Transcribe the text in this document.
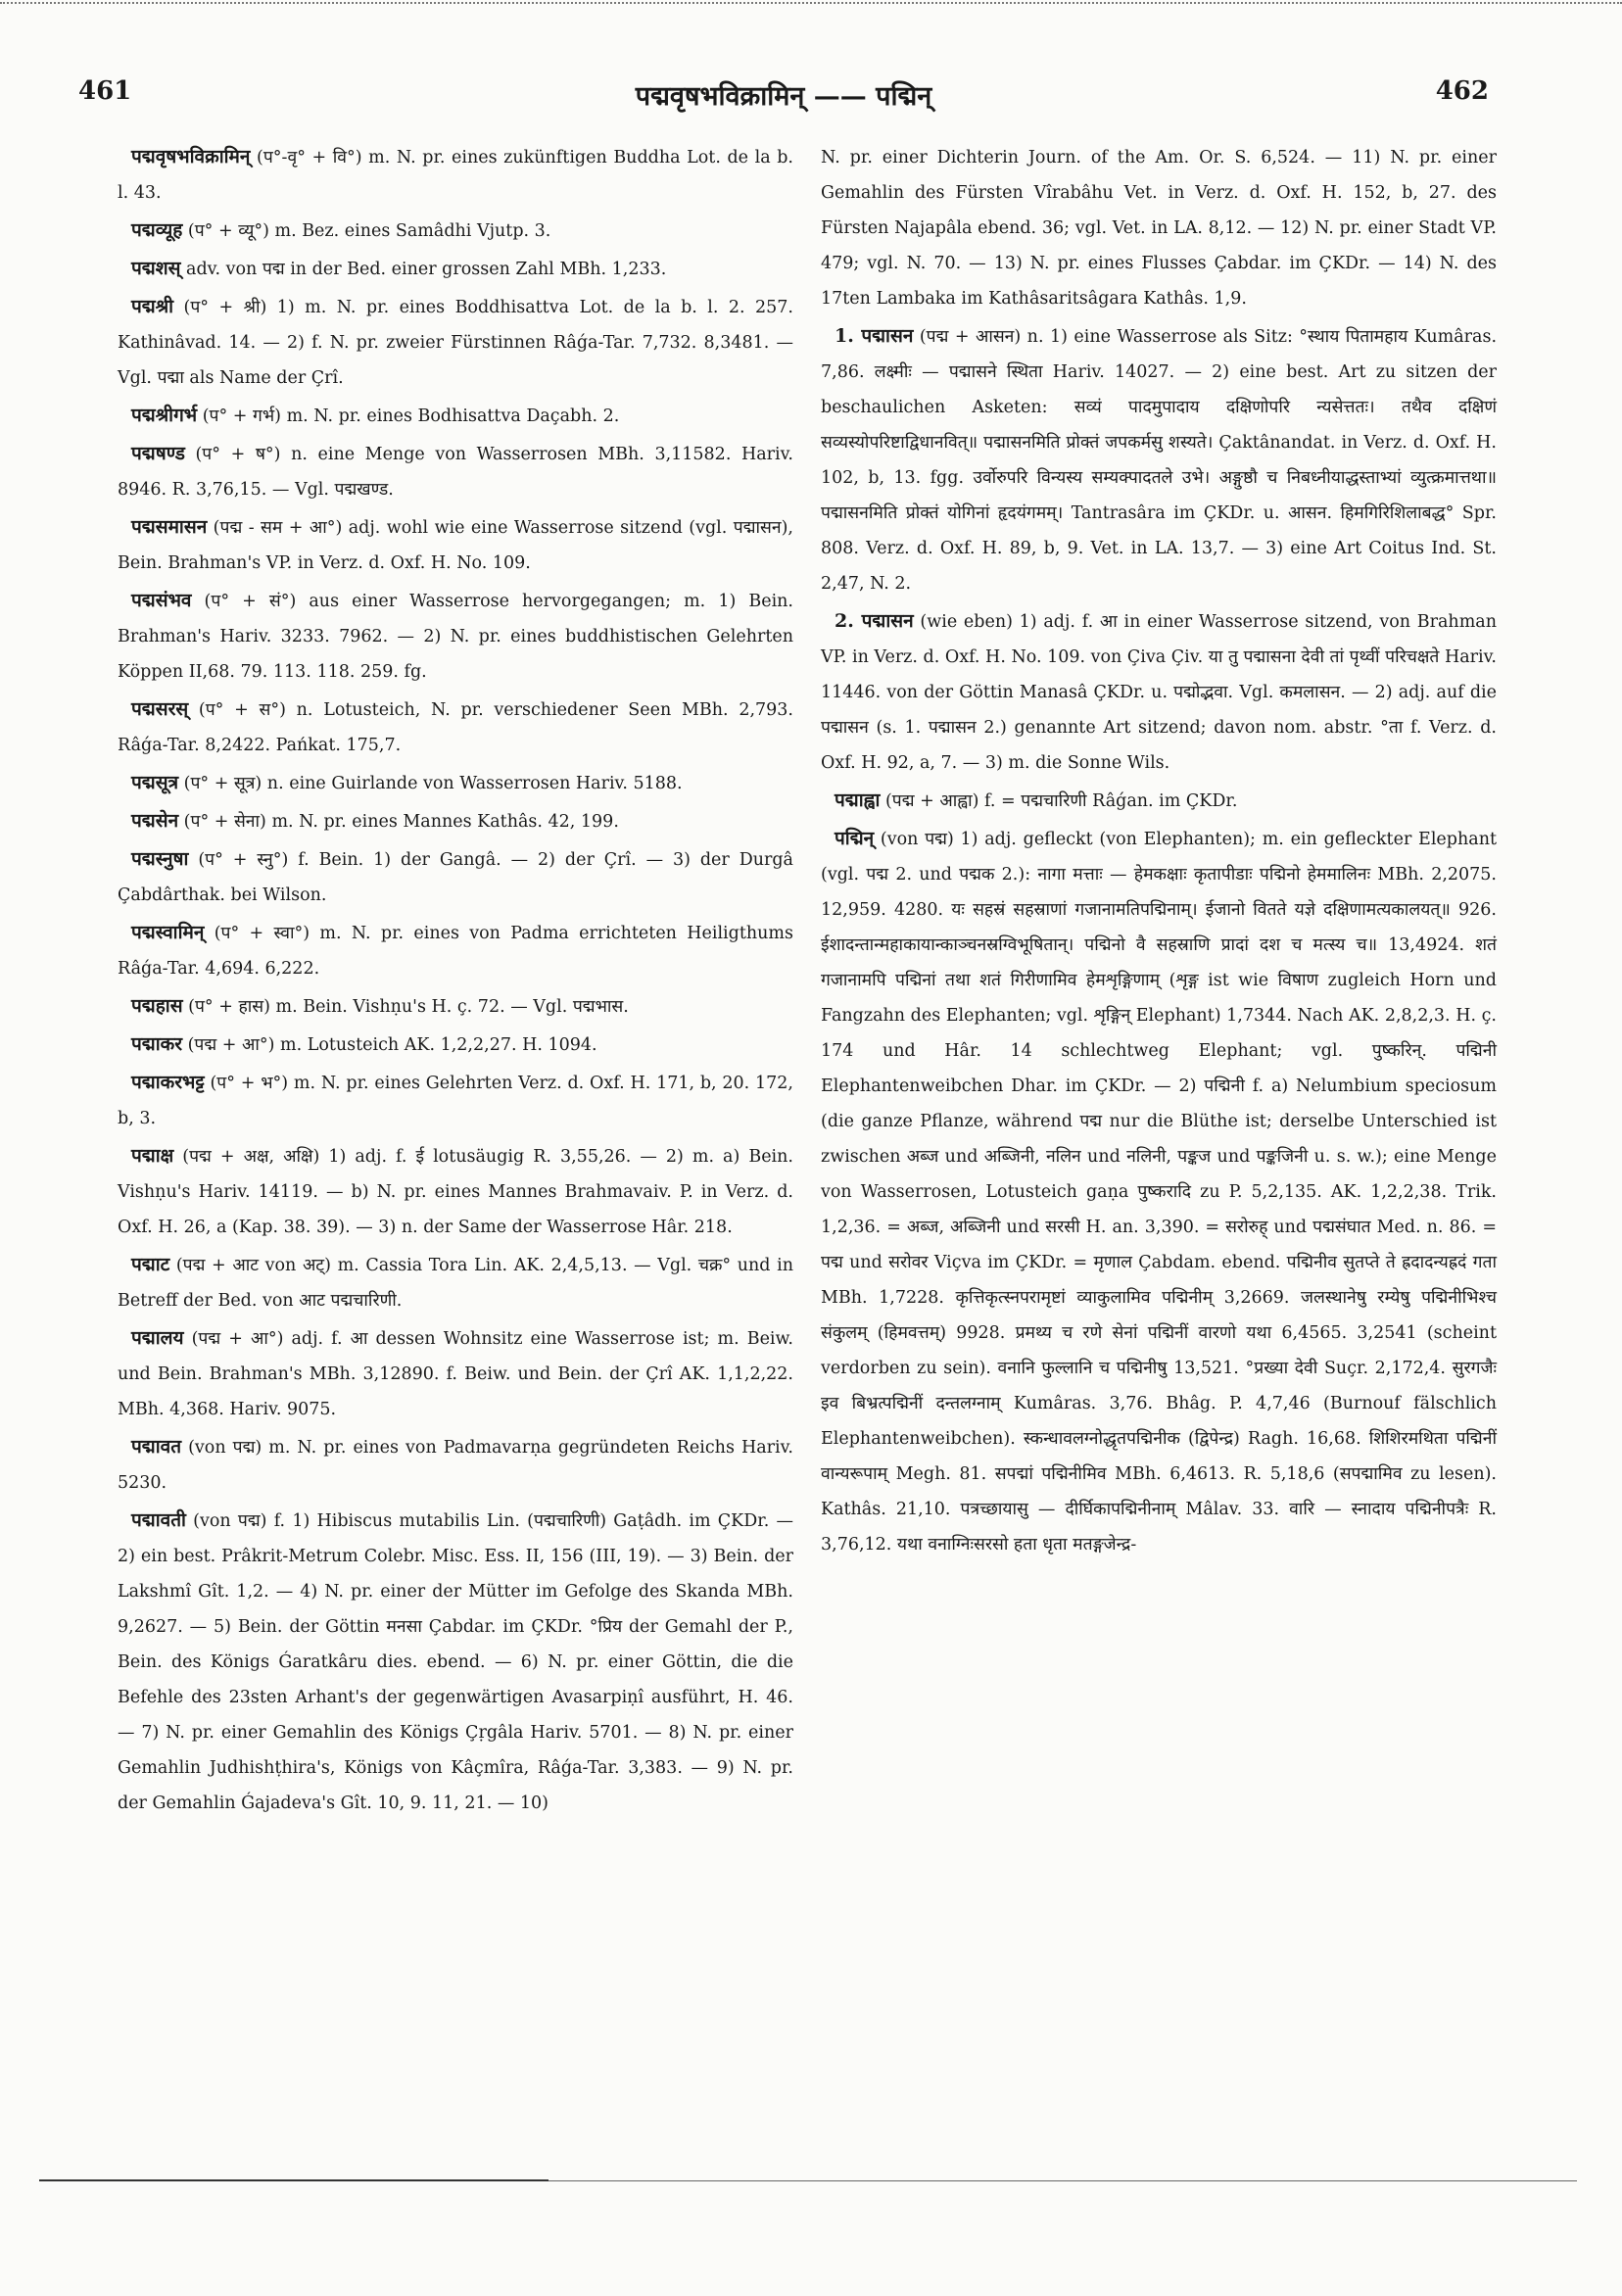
461	पद्मवृषभविक्रामिन् —— पद्मिन्	462

पद्मवृषभविक्रामिन् (प°-वृ° + वि°) m. N. pr. eines zukünftigen Buddha Lot. de la b. l. 43.

पद्मव्यूह (प° + व्यू°) m. Bez. eines Samâdhi Vjutp. 3.

पद्मशस् adv. von पद्म in der Bed. einer grossen Zahl MBh. 1,233.

पद्मश्री (प° + श्री) 1) m. N. pr. eines Boddhisattva Lot. de la b. l. 2. 257. Kathinâvad. 14. — 2) f. N. pr. zweier Fürstinnen Râǵa-Tar. 7,732. 8,3481. — Vgl. पद्मा als Name der Çrî.

पद्मश्रीगर्भ (प° + गर्भ) m. N. pr. eines Bodhisattva Daçabh. 2.

पद्मषण्ड (प° + ष°) n. eine Menge von Wasserrosen MBh. 3,11582. Hariv. 8946. R. 3,76,15. — Vgl. पद्मखण्ड.

पद्मसमासन (पद्म - सम + आ°) adj. wohl wie eine Wasserrose sitzend (vgl. पद्मासन), Bein. Brahman's VP. in Verz. d. Oxf. H. No. 109.

पद्मसंभव (प° + सं°) aus einer Wasserrose hervorgegangen; m. 1) Bein. Brahman's Hariv. 3233. 7962. — 2) N. pr. eines buddhistischen Gelehrten Köppen II,68. 79. 113. 118. 259. fg.

पद्मसरस् (प° + स°) n. Lotusteich, N. pr. verschiedener Seen MBh. 2,793. Râǵa-Tar. 8,2422. Pańkat. 175,7.

पद्मसूत्र (प° + सूत्र) n. eine Guirlande von Wasserrosen Hariv. 5188.

पद्मसेन (प° + सेना) m. N. pr. eines Mannes Kathâs. 42, 199.

पद्मस्नुषा (प° + स्नु°) f. Bein. 1) der Gangâ. — 2) der Çrî. — 3) der Durgâ Çabdârthak. bei Wilson.

पद्मस्वामिन् (प° + स्वा°) m. N. pr. eines von Padma errichteten Heiligthums Râǵa-Tar. 4,694. 6,222.

पद्महास (प° + हास) m. Bein. Vishṇu's H. ç. 72. — Vgl. पद्मभास.

पद्माकर (पद्म + आ°) m. Lotusteich AK. 1,2,2,27. H. 1094.

पद्माकरभट्ट (प° + भ°) m. N. pr. eines Gelehrten Verz. d. Oxf. H. 171, b, 20. 172, b, 3.

पद्माक्ष (पद्म + अक्ष, अक्षि) 1) adj. f. ई lotusäugig R. 3,55,26. — 2) m. a) Bein. Vishṇu's Hariv. 14119. — b) N. pr. eines Mannes Brahmavaiv. P. in Verz. d. Oxf. H. 26, a (Kap. 38. 39). — 3) n. der Same der Wasserrose Hâr. 218.

पद्माट (पद्म + आट von अट्) m. Cassia Tora Lin. AK. 2,4,5,13. — Vgl. चक्र° und in Betreff der Bed. von आट पद्मचारिणी.

पद्मालय (पद्म + आ°) adj. f. आ dessen Wohnsitz eine Wasserrose ist; m. Beiw. und Bein. Brahman's MBh. 3,12890. f. Beiw. und Bein. der Çrî AK. 1,1,2,22. MBh. 4,368. Hariv. 9075.

पद्मावत (von पद्म) m. N. pr. eines von Padmavarṇa gegründeten Reichs Hariv. 5230.

पद्मावती (von पद्म) f. 1) Hibiscus mutabilis Lin. (पद्मचारिणी) Gaṭâdh. im ÇKDr. — 2) ein best. Prâkrit-Metrum Colebr. Misc. Ess. II, 156 (III, 19). — 3) Bein. der Lakshmî Gît. 1,2. — 4) N. pr. einer der Mütter im Gefolge des Skanda MBh. 9,2627. — 5) Bein. der Göttin मनसा Çabdar. im ÇKDr. °प्रिय der Gemahl der P., Bein. des Königs Ǵaratkâru dies. ebend. — 6) N. pr. einer Göttin, die die Befehle des 23sten Arhant's der gegenwärtigen Avasarpiṇî ausführt, H. 46. — 7) N. pr. einer Gemahlin des Königs Çṛgâla Hariv. 5701. — 8) N. pr. einer Gemahlin Judhishṭhira's, Königs von Kâçmîra, Râǵa-Tar. 3,383. — 9) N. pr. der Gemahlin Ǵajadeva's Gît. 10, 9. 11, 21. — 10)

N. pr. einer Dichterin Journ. of the Am. Or. S. 6,524. — 11) N. pr. einer Gemahlin des Fürsten Vîrabâhu Vet. in Verz. d. Oxf. H. 152, b, 27. des Fürsten Najapâla ebend. 36; vgl. Vet. in LA. 8,12. — 12) N. pr. einer Stadt VP. 479; vgl. N. 70. — 13) N. pr. eines Flusses Çabdar. im ÇKDr. — 14) N. des 17ten Lambaka im Kathâsaritsâgara Kathâs. 1,9.

1. पद्मासन (पद्म + आसन) n. 1) eine Wasserrose als Sitz: °स्थाय पितामहाय Kumâras. 7,86. लक्ष्मीः — पद्मासने स्थिता Hariv. 14027. — 2) eine best. Art zu sitzen der beschaulichen Asketen: सव्यं पादमुपादाय दक्षिणोपरि न्यसेत्ततः। तथैव दक्षिणं सव्यस्योपरिष्टाद्विधानवित्॥ पद्मासनमिति प्रोक्तं जपकर्मसु शस्यते। Çaktânandat. in Verz. d. Oxf. H. 102, b, 13. fgg. उर्वोरुपरि विन्यस्य सम्यक्पादतले उभे। अङ्गुष्ठौ च निबध्नीयाद्धस्ताभ्यां व्युत्क्रमात्तथा॥ पद्मासनमिति प्रोक्तं योगिनां हृदयंगमम्। Tantrasâra im ÇKDr. u. आसन. हिमगिरिशिलाबद्ध° Spr. 808. Verz. d. Oxf. H. 89, b, 9. Vet. in LA. 13,7. — 3) eine Art Coitus Ind. St. 2,47, N. 2.

2. पद्मासन (wie eben) 1) adj. f. आ in einer Wasserrose sitzend, von Brahman VP. in Verz. d. Oxf. H. No. 109. von Çiva Çiv. या तु पद्मासना देवी तां पृथ्वीं परिचक्षते Hariv. 11446. von der Göttin Manasâ ÇKDr. u. पद्मोद्भवा. Vgl. कमलासन. — 2) adj. auf die पद्मासन (s. 1. पद्मासन 2.) genannte Art sitzend; davon nom. abstr. °ता f. Verz. d. Oxf. H. 92, a, 7. — 3) m. die Sonne Wils.

पद्माह्वा (पद्म + आह्वा) f. = पद्मचारिणी Râǵan. im ÇKDr.

पद्मिन् (von पद्म) 1) adj. gefleckt (von Elephanten); m. ein gefleckter Elephant (vgl. पद्म 2. und पद्मक 2.): नागा मत्ताः — हेमकक्षाः कृतापीडाः पद्मिनो हेममालिनः MBh. 2,2075. 12,959. 4280. यः सहस्रं सहस्राणां गजानामतिपद्मिनाम्। ईजानो वितते यज्ञे दक्षिणामत्यकालयत्॥ 926. ईशादन्तान्महाकायान्काञ्चनस्रग्विभूषितान्। पद्मिनो वै सहस्राणि प्रादां दश च मत्स्य च॥ 13,4924. शतं गजानामपि पद्मिनां तथा शतं गिरीणामिव हेमशृङ्गिणाम् (शृङ्ग ist wie विषाण zugleich Horn und Fangzahn des Elephanten; vgl. शृङ्गिन् Elephant) 1,7344. Nach AK. 2,8,2,3. H. ç. 174 und Hâr. 14 schlechtweg Elephant; vgl. पुष्करिन्. पद्मिनी Elephantenweibchen Dhar. im ÇKDr. — 2) पद्मिनी f. a) Nelumbium speciosum (die ganze Pflanze, während पद्म nur die Blüthe ist; derselbe Unterschied ist zwischen अब्ज und अब्जिनी, नलिन und नलिनी, पङ्कज und पङ्कजिनी u. s. w.); eine Menge von Wasserrosen, Lotusteich gaṇa पुष्करादि zu P. 5,2,135. AK. 1,2,2,38. Trik. 1,2,36. = अब्ज, अब्जिनी und सरसी H. an. 3,390. = सरोरुह् und पद्मसंघात Med. n. 86. = पद्म und सरोवर Viçva im ÇKDr. = मृणाल Çabdam. ebend. पद्मिनीव सुतप्ते ते ह्रदादन्यह्रदं गता MBh. 1,7228. कृत्तिकृत्स्नपरामृष्टां व्याकुलामिव पद्मिनीम् 3,2669. जलस्थानेषु रम्येषु पद्मिनीभिश्च संकुलम् (हिमवत्तम्) 9928. प्रमथ्य च रणे सेनां पद्मिनीं वारणो यथा 6,4565. 3,2541 (scheint verdorben zu sein). वनानि फुल्लानि च पद्मिनीषु 13,521. °प्रख्या देवी Suçr. 2,172,4. सुरगजैः इव बिभ्रत्पद्मिनीं दन्तलग्नाम् Kumâras. 3,76. Bhâg. P. 4,7,46 (Burnouf fälschlich Elephantenweibchen). स्कन्धावलग्नोद्धृतपद्मिनीक (द्विपेन्द्र) Ragh. 16,68. शिशिरमथिता पद्मिनीं वान्यरूपाम् Megh. 81. सपद्मां पद्मिनीमिव MBh. 6,4613. R. 5,18,6 (सपद्मामिव zu lesen). Kathâs. 21,10. पत्रच्छायासु — दीर्घिकापद्मिनीनाम् Mâlav. 33. वारि — स्नादाय पद्मिनीपत्रैः R. 3,76,12. यथा वनाग्निःसरसो हता धृता मतङ्गजेन्द्र-
